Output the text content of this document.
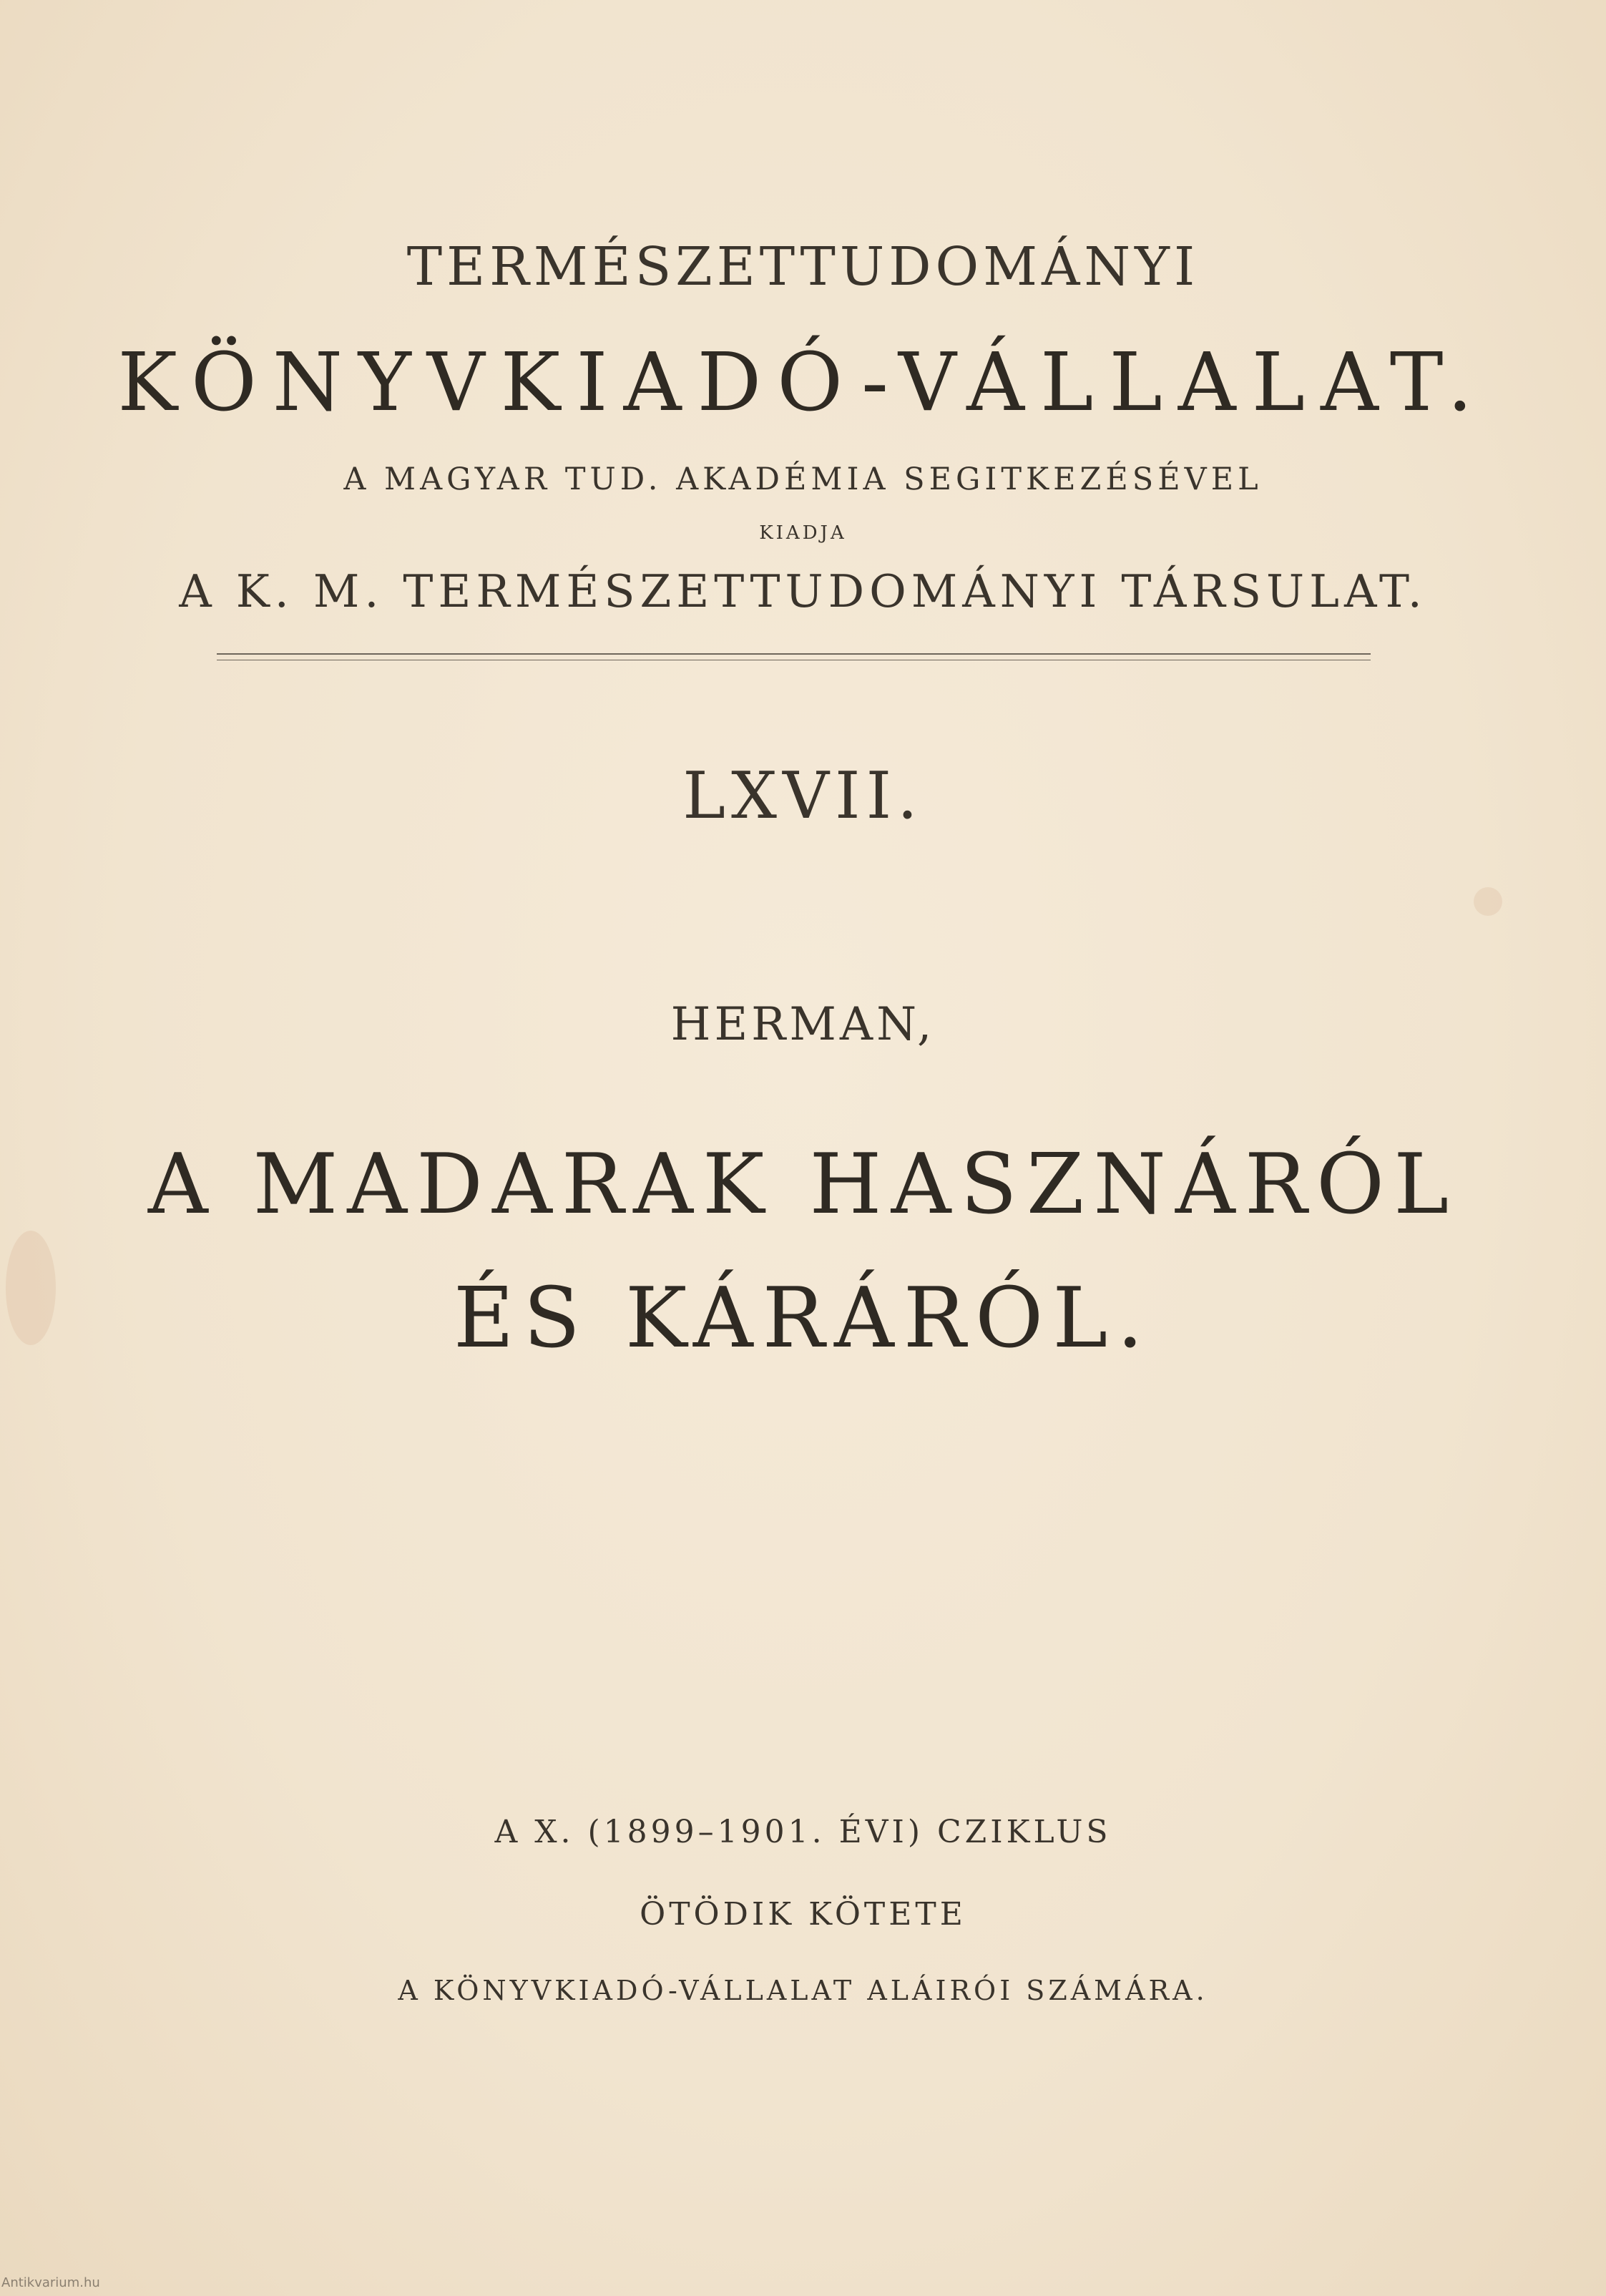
TERMÉSZETTUDOMÁNYI
KÖNYVKIADÓ-VÁLLALAT.

A MAGYAR TUD. AKADÉMIA SEGITKEZÉSÉVEL

KIADJA

A K. M. TERMÉSZETTUDOMÁNYI TÁRSULAT.

LXVII.

HERMAN,

A MADARAK HASZNÁRÓL
ÉS KÁRÁRÓL.

A X. (1899–1901. ÉVI) CZIKLUS

ÖTÖDIK KÖTETE

A KÖNYVKIADÓ-VÁLLALAT ALÁIRÓI SZÁMÁRA.

Antikvarium.hu
